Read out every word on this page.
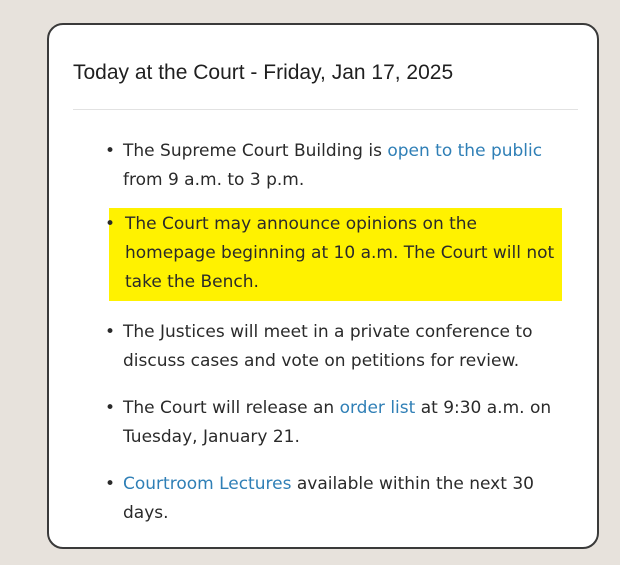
Today at the Court - Friday, Jan 17, 2025
• The Supreme Court Building is open to the public from 9 a.m. to 3 p.m.
• The Court may announce opinions on the homepage beginning at 10 a.m. The Court will not take the Bench.
• The Justices will meet in a private conference to discuss cases and vote on petitions for review.
• The Court will release an order list at 9:30 a.m. on Tuesday, January 21.
• Courtroom Lectures available within the next 30 days.
